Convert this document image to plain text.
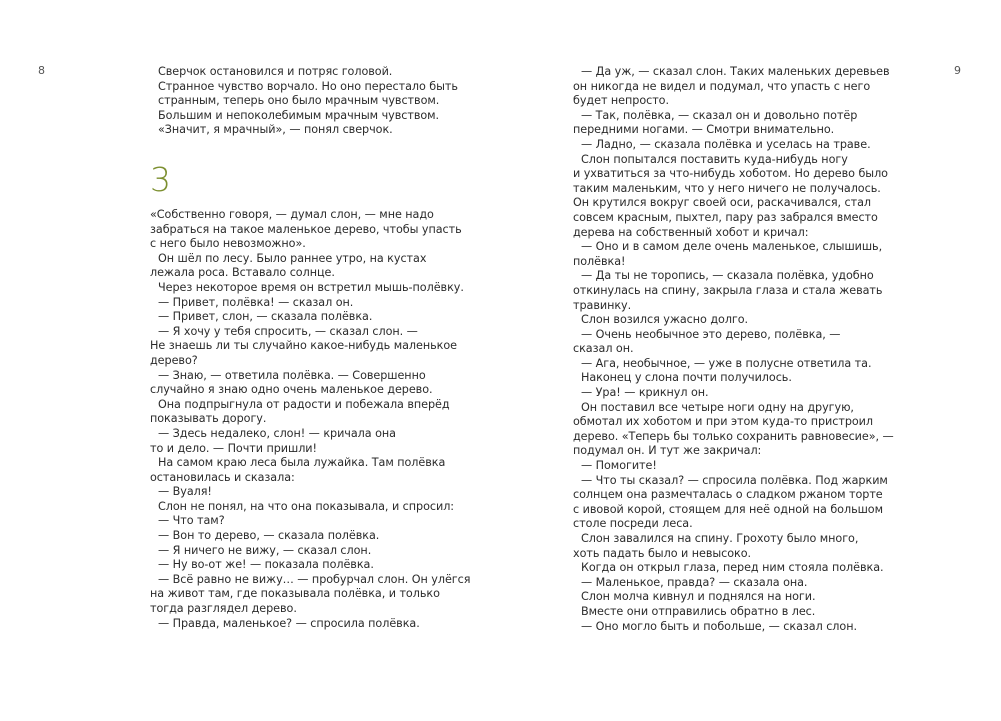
8	9
Сверчок остановился и потряс головой.
Странное чувство ворчало. Но оно перестало быть
странным, теперь оно было мрачным чувством.
Большим и непоколебимым мрачным чувством.
«Значит, я мрачный», — понял сверчок.
3
«Собственно говоря, — думал слон, — мне надо
забраться на такое маленькое дерево, чтобы упасть
с него было невозможно».
Он шёл по лесу. Было раннее утро, на кустах
лежала роса. Вставало солнце.
Через некоторое время он встретил мышь-полёвку.
— Привет, полёвка! — сказал он.
— Привет, слон, — сказала полёвка.
— Я хочу у тебя спросить, — сказал слон. —
Не знаешь ли ты случайно какое-нибудь маленькое
дерево?
— Знаю, — ответила полёвка. — Совершенно
случайно я знаю одно очень маленькое дерево.
Она подпрыгнула от радости и побежала вперёд
показывать дорогу.
— Здесь недалеко, слон! — кричала она
то и дело. — Почти пришли!
На самом краю леса была лужайка. Там полёвка
остановилась и сказала:
— Вуаля!
Слон не понял, на что она показывала, и спросил:
— Что там?
— Вон то дерево, — сказала полёвка.
— Я ничего не вижу, — сказал слон.
— Ну во-от же! — показала полёвка.
— Всё равно не вижу… — пробурчал слон. Он улёгся
на живот там, где показывала полёвка, и только
тогда разглядел дерево.
— Правда, маленькое? — спросила полёвка.
— Да уж, — сказал слон. Таких маленьких деревьев
он никогда не видел и подумал, что упасть с него
будет непросто.
— Так, полёвка, — сказал он и довольно потёр
передними ногами. — Смотри внимательно.
— Ладно, — сказала полёвка и уселась на траве.
Слон попытался поставить куда-нибудь ногу
и ухватиться за что-нибудь хоботом. Но дерево было
таким маленьким, что у него ничего не получалось.
Он крутился вокруг своей оси, раскачивался, стал
совсем красным, пыхтел, пару раз забрался вместо
дерева на собственный хобот и кричал:
— Оно и в самом деле очень маленькое, слышишь,
полёвка!
— Да ты не торопись, — сказала полёвка, удобно
откинулась на спину, закрыла глаза и стала жевать
травинку.
Слон возился ужасно долго.
— Очень необычное это дерево, полёвка, —
сказал он.
— Ага, необычное, — уже в полусне ответила та.
Наконец у слона почти получилось.
— Ура! — крикнул он.
Он поставил все четыре ноги одну на другую,
обмотал их хоботом и при этом куда-то пристроил
дерево. «Теперь бы только сохранить равновесие», —
подумал он. И тут же закричал:
— Помогите!
— Что ты сказал? — спросила полёвка. Под жарким
солнцем она размечталась о сладком ржаном торте
с ивовой корой, стоящем для неё одной на большом
столе посреди леса.
Слон завалился на спину. Грохоту было много,
хоть падать было и невысоко.
Когда он открыл глаза, перед ним стояла полёвка.
— Маленькое, правда? — сказала она.
Слон молча кивнул и поднялся на ноги.
Вместе они отправились обратно в лес.
— Оно могло быть и побольше, — сказал слон.
